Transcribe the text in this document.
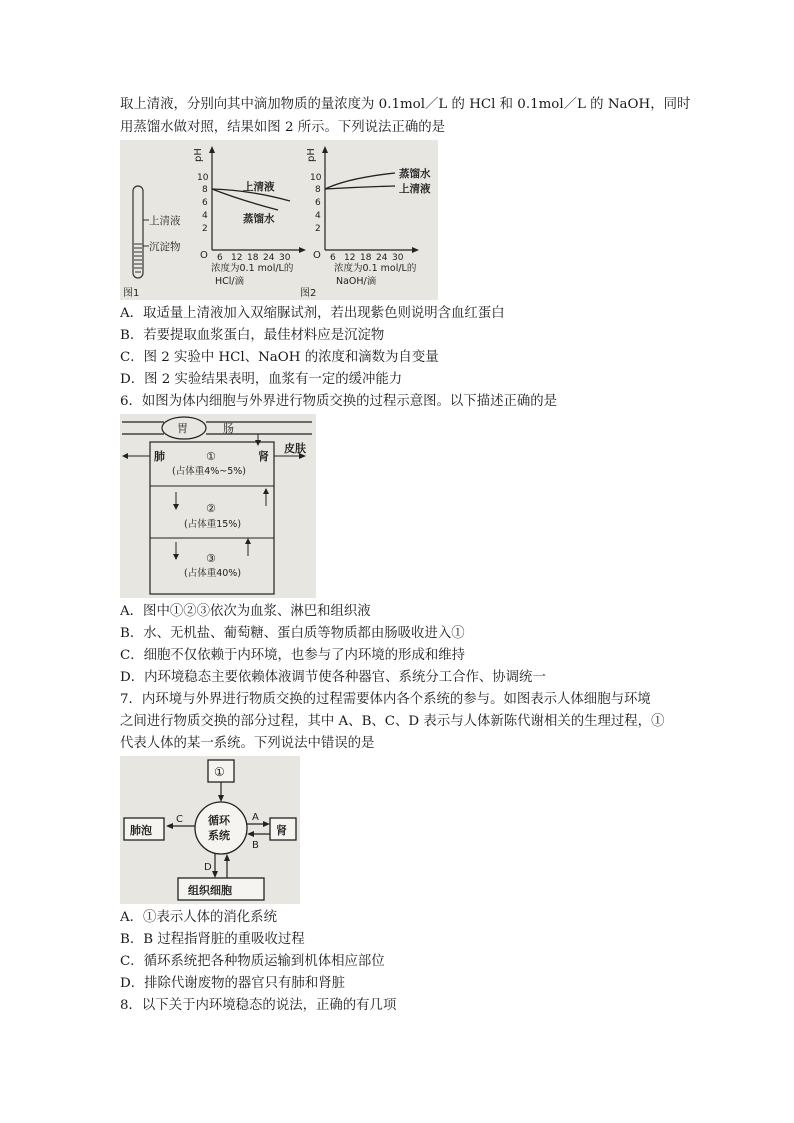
取上清液，分别向其中滴加物质的量浓度为 0.1mol／L 的 HCl 和 0.1mol／L 的 NaOH，同时
用蒸馏水做对照，结果如图 2 所示。下列说法正确的是
上清液
沉淀物
图1
pH
O
10
8
6
4
2
6 12 18 24 30
上清液
蒸馏水
浓度为0.1 mol/L的
HCl/滴
pH
O
10
8
6
4
2
6 12 18 24 30
蒸馏水
上清液
浓度为0.1 mol/L的
NaOH/滴
图2
A．取适量上清液加入双缩脲试剂，若出现紫色则说明含血红蛋白
B．若要提取血浆蛋白，最佳材料应是沉淀物
C．图 2 实验中 HCl、NaOH 的浓度和滴数为自变量
D．图 2 实验结果表明，血浆有一定的缓冲能力
6．如图为体内细胞与外界进行物质交换的过程示意图。以下描述正确的是
胃	肠
肺	肾
皮肤
①
(占体重4%~5%)
②
(占体重15%)
③
(占体重40%)
A．图中①②③依次为血浆、淋巴和组织液
B．水、无机盐、葡萄糖、蛋白质等物质都由肠吸收进入①
C．细胞不仅依赖于内环境，也参与了内环境的形成和维持
D．内环境稳态主要依赖体液调节使各种器官、系统分工合作、协调统一
7．内环境与外界进行物质交换的过程需要体内各个系统的参与。如图表示人体细胞与环境
之间进行物质交换的部分过程，其中 A、B、C、D 表示与人体新陈代谢相关的生理过程，①
代表人体的某一系统。下列说法中错误的是
①
循环
系统
肺泡	肾
组织细胞
C	A
B
D
A．①表示人体的消化系统
B．B 过程指肾脏的重吸收过程
C．循环系统把各种物质运输到机体相应部位
D．排除代谢废物的器官只有肺和肾脏
8．以下关于内环境稳态的说法，正确的有几项
